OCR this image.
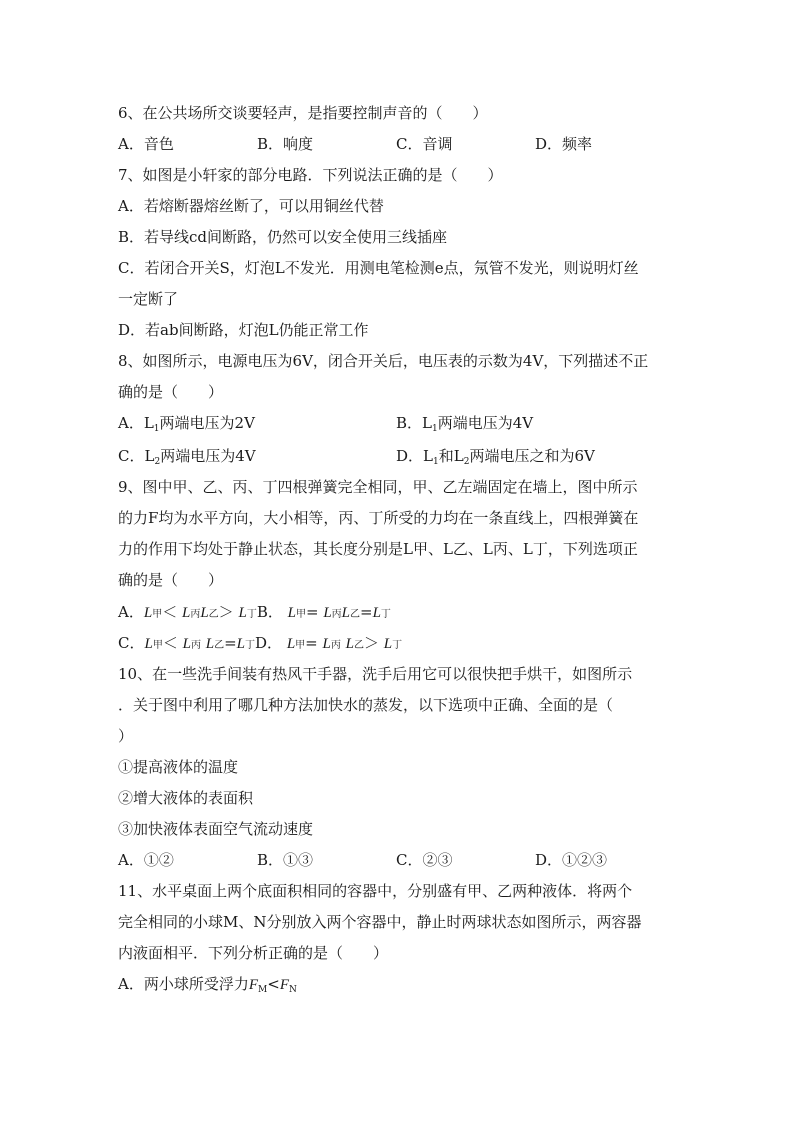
6、在公共场所交谈要轻声，是指要控制声音的（　　）
A．音色	B．响度	C．音调	D．频率
7、如图是小轩家的部分电路．下列说法正确的是（　　）
A．若熔断器熔丝断了，可以用铜丝代替
B．若导线cd间断路，仍然可以安全使用三线插座
C．若闭合开关S，灯泡L不发光．用测电笔检测e点，氖管不发光，则说明灯丝
一定断了
D．若ab间断路，灯泡L仍能正常工作
8、如图所示，电源电压为6V，闭合开关后，电压表的示数为4V，下列描述不正
确的是（　　）
A．$L_1$两端电压为2V	B．$L_1$两端电压为4V
C．$L_2$两端电压为4V	D．$L_1$和$L_2$两端电压之和为6V
9、图中甲、乙、丙、丁四根弹簧完全相同，甲、乙左端固定在墙上，图中所示
的力F均为水平方向，大小相等，丙、丁所受的力均在一条直线上，四根弹簧在
力的作用下均处于静止状态，其长度分别是L甲、L乙、L丙、L丁，下列选项正
确的是（　　）
A．L甲＜ L丙L乙＞ L丁B． L甲= L丙L乙=L丁
C．L甲＜ L丙 L乙=L丁D． L甲= L丙 L乙＞ L丁
10、在一些洗手间装有热风干手器，洗手后用它可以很快把手烘干，如图所示
．关于图中利用了哪几种方法加快水的蒸发，以下选项中正确、全面的是（
）
①提高液体的温度
②增大液体的表面积
③加快液体表面空气流动速度
A．①②	B．①③	C．②③	D．①②③
11、水平桌面上两个底面积相同的容器中，分别盛有甲、乙两种液体．将两个
完全相同的小球M、N分别放入两个容器中，静止时两球状态如图所示，两容器
内液面相平．下列分析正确的是（　　）
A．两小球所受浮力$F_M<F_N$
